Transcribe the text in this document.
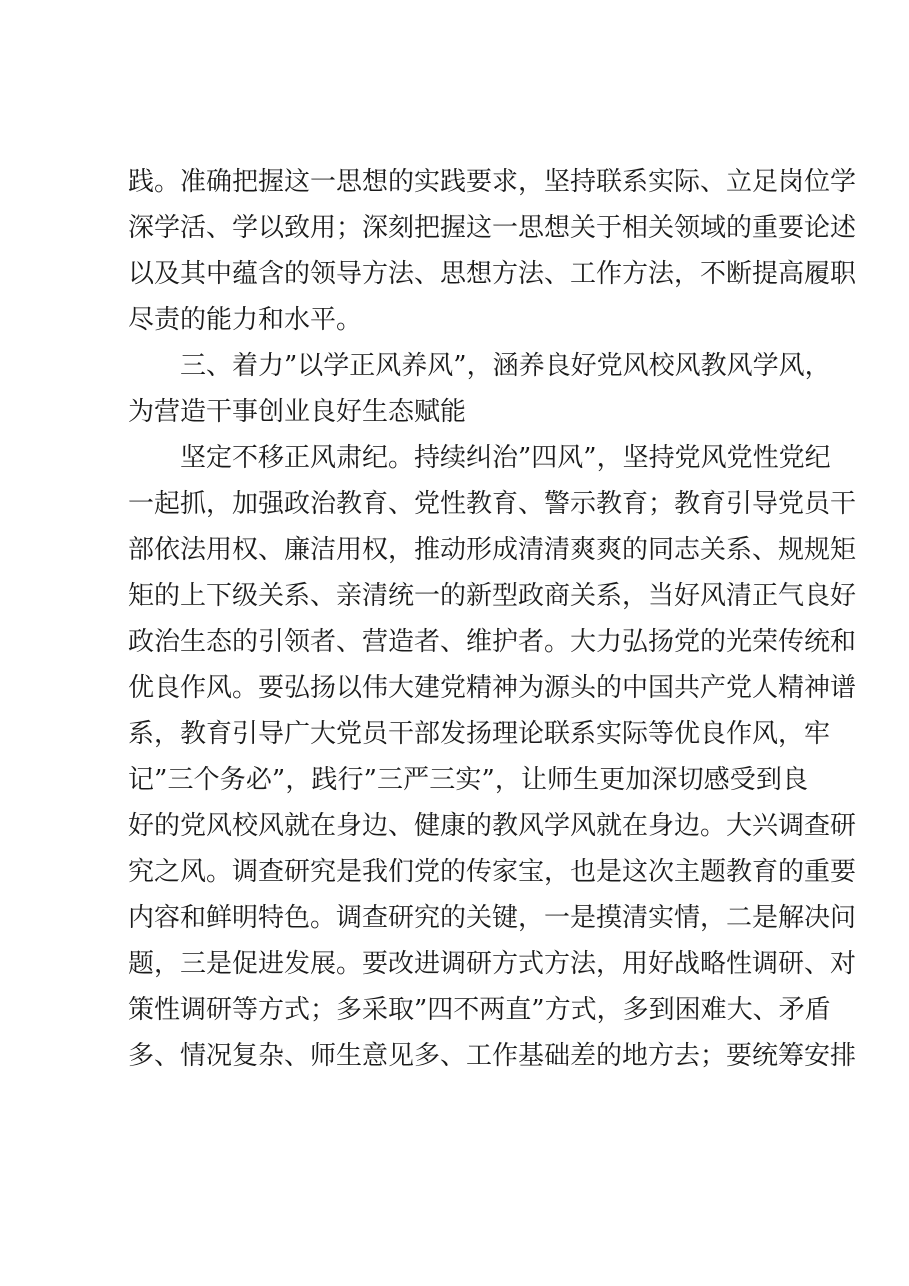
践。准确把握这一思想的实践要求，坚持联系实际、立足岗位学
深学活、学以致用；深刻把握这一思想关于相关领域的重要论述
以及其中蕴含的领导方法、思想方法、工作方法，不断提高履职
尽责的能力和水平。
三、着力”以学正风养风”，涵养良好党风校风教风学风，
为营造干事创业良好生态赋能
坚定不移正风肃纪。持续纠治”四风”，坚持党风党性党纪
一起抓，加强政治教育、党性教育、警示教育；教育引导党员干
部依法用权、廉洁用权，推动形成清清爽爽的同志关系、规规矩
矩的上下级关系、亲清统一的新型政商关系，当好风清正气良好
政治生态的引领者、营造者、维护者。大力弘扬党的光荣传统和
优良作风。要弘扬以伟大建党精神为源头的中国共产党人精神谱
系，教育引导广大党员干部发扬理论联系实际等优良作风，牢
记”三个务必”，践行”三严三实”，让师生更加深切感受到良
好的党风校风就在身边、健康的教风学风就在身边。大兴调查研
究之风。调查研究是我们党的传家宝，也是这次主题教育的重要
内容和鲜明特色。调查研究的关键，一是摸清实情，二是解决问
题，三是促进发展。要改进调研方式方法，用好战略性调研、对
策性调研等方式；多采取”四不两直”方式，多到困难大、矛盾
多、情况复杂、师生意见多、工作基础差的地方去；要统筹安排
